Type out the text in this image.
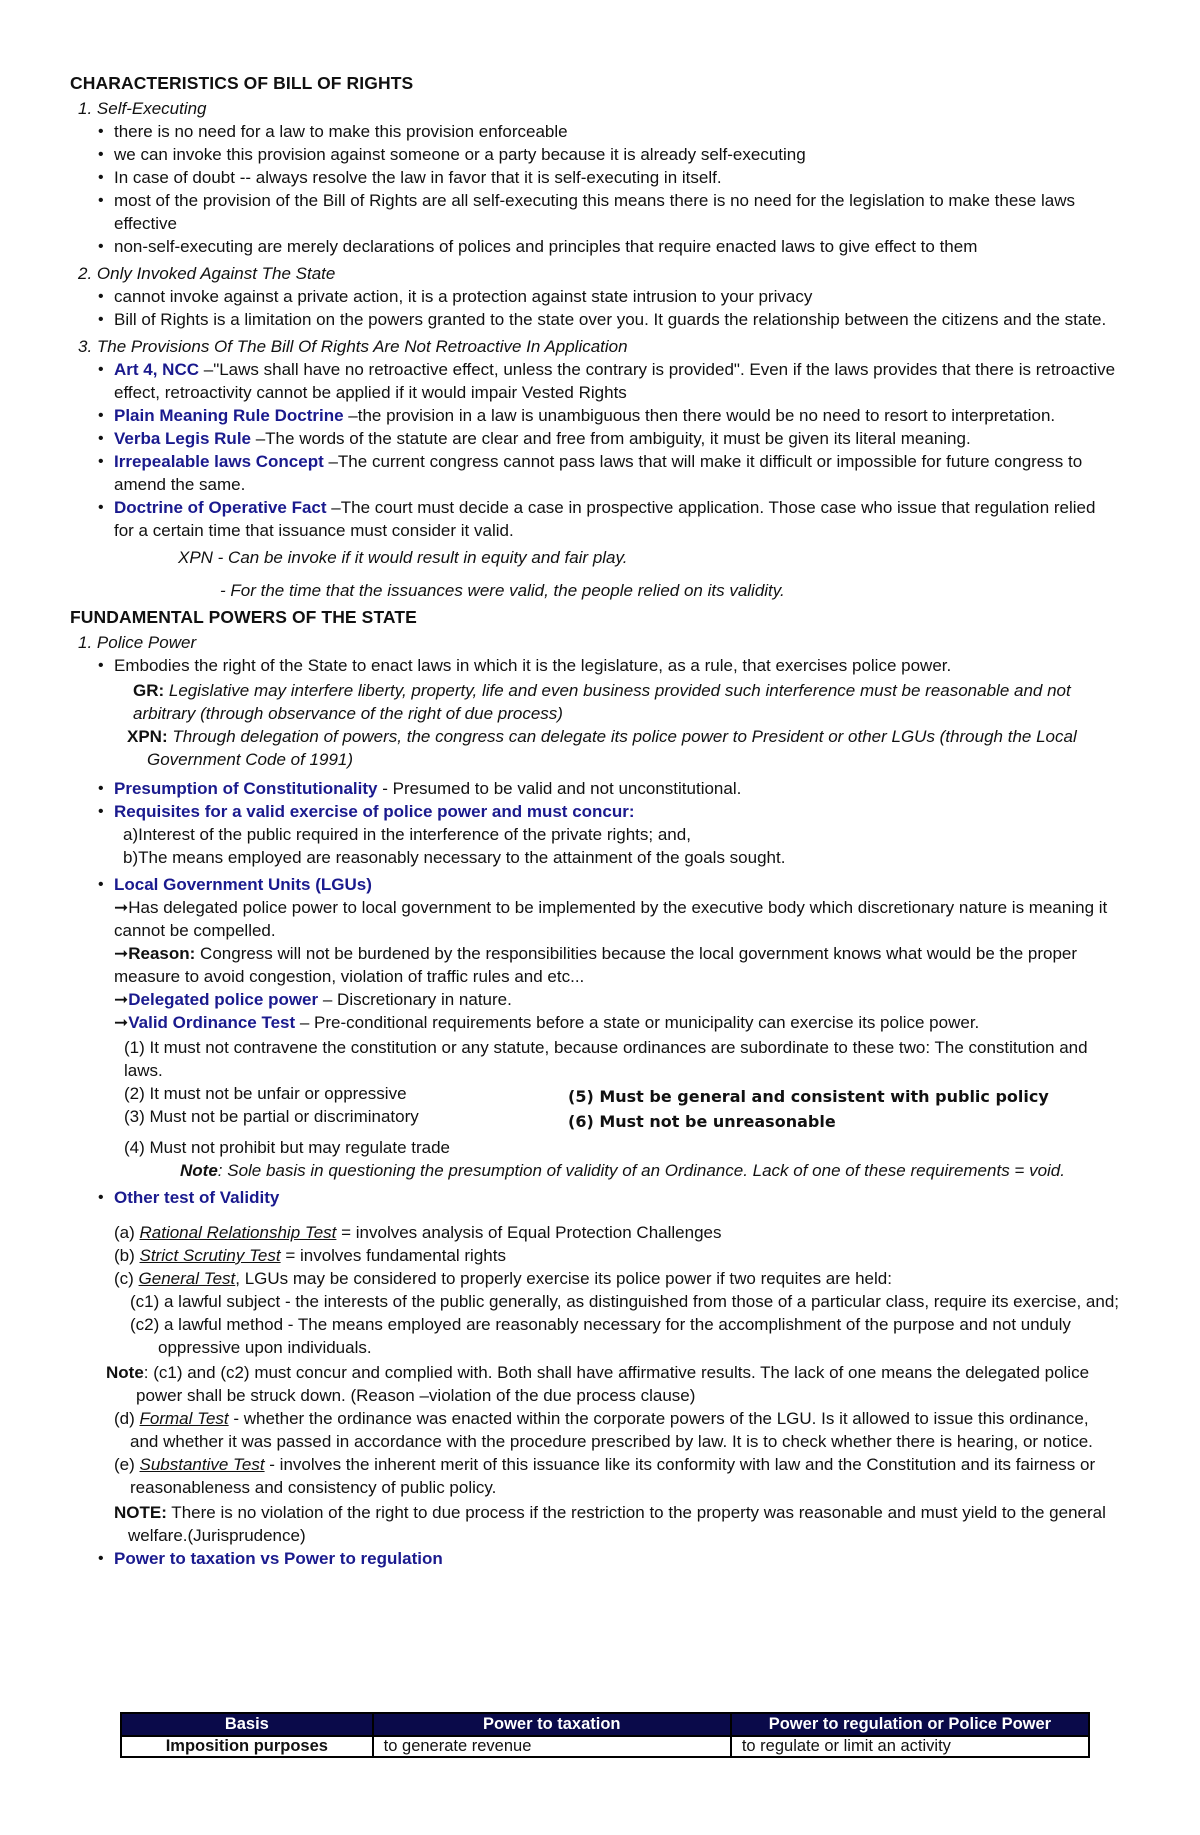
CHARACTERISTICS OF BILL OF RIGHTS
1. Self-Executing
• there is no need for a law to make this provision enforceable
• we can invoke this provision against someone or a party because it is already self-executing
• In case of doubt -- always resolve the law in favor that it is self-executing in itself.
• most of the provision of the Bill of Rights are all self-executing this means there is no need for the legislation to make these laws effective
• non-self-executing are merely declarations of polices and principles that require enacted laws to give effect to them
2. Only Invoked Against The State
• cannot invoke against a private action, it is a protection against state intrusion to your privacy
• Bill of Rights is a limitation on the powers granted to the state over you. It guards the relationship between the citizens and the state.
3. The Provisions Of The Bill Of Rights Are Not Retroactive In Application
• Art 4, NCC –"Laws shall have no retroactive effect, unless the contrary is provided". Even if the laws provides that there is retroactive effect, retroactivity cannot be applied if it would impair Vested Rights
• Plain Meaning Rule Doctrine –the provision in a law is unambiguous then there would be no need to resort to interpretation.
• Verba Legis Rule –The words of the statute are clear and free from ambiguity, it must be given its literal meaning.
• Irrepealable laws Concept –The current congress cannot pass laws that will make it difficult or impossible for future congress to amend the same.
• Doctrine of Operative Fact –The court must decide a case in prospective application. Those case who issue that regulation relied for a certain time that issuance must consider it valid.
XPN - Can be invoke if it would result in equity and fair play.
- For the time that the issuances were valid, the people relied on its validity.
FUNDAMENTAL POWERS OF THE STATE
1. Police Power
• Embodies the right of the State to enact laws in which it is the legislature, as a rule, that exercises police power.
GR: Legislative may interfere liberty, property, life and even business provided such interference must be reasonable and not arbitrary (through observance of the right of due process)
XPN: Through delegation of powers, the congress can delegate its police power to President or other LGUs (through the Local Government Code of 1991)
• Presumption of Constitutionality - Presumed to be valid and not unconstitutional.
• Requisites for a valid exercise of police power and must concur:
a)Interest of the public required in the interference of the private rights; and,
b)The means employed are reasonably necessary to the attainment of the goals sought.
• Local Government Units (LGUs)
➞Has delegated police power to local government to be implemented by the executive body which discretionary nature is meaning it cannot be compelled.
➞Reason: Congress will not be burdened by the responsibilities because the local government knows what would be the proper measure to avoid congestion, violation of traffic rules and etc...
➞Delegated police power – Discretionary in nature.
➞Valid Ordinance Test – Pre-conditional requirements before a state or municipality can exercise its police power.
(1) It must not contravene the constitution or any statute, because ordinances are subordinate to these two: The constitution and laws.
(2) It must not be unfair or oppressive
(3) Must not be partial or discriminatory
(5) Must be general and consistent with public policy
(6) Must not be unreasonable
(4) Must not prohibit but may regulate trade
Note: Sole basis in questioning the presumption of validity of an Ordinance. Lack of one of these requirements = void.
• Other test of Validity
(a) Rational Relationship Test = involves analysis of Equal Protection Challenges
(b) Strict Scrutiny Test = involves fundamental rights
(c) General Test, LGUs may be considered to properly exercise its police power if two requites are held:
(c1) a lawful subject - the interests of the public generally, as distinguished from those of a particular class, require its exercise, and;
(c2) a lawful method - The means employed are reasonably necessary for the accomplishment of the purpose and not unduly oppressive upon individuals.
Note: (c1) and (c2) must concur and complied with. Both shall have affirmative results. The lack of one means the delegated police power shall be struck down. (Reason –violation of the due process clause)
(d) Formal Test - whether the ordinance was enacted within the corporate powers of the LGU. Is it allowed to issue this ordinance, and whether it was passed in accordance with the procedure prescribed by law. It is to check whether there is hearing, or notice.
(e) Substantive Test - involves the inherent merit of this issuance like its conformity with law and the Constitution and its fairness or reasonableness and consistency of public policy.
NOTE: There is no violation of the right to due process if the restriction to the property was reasonable and must yield to the general welfare.(Jurisprudence)
• Power to taxation vs Power to regulation
Basis	Power to taxation	Power to regulation or Police Power
Imposition purposes	to generate revenue	to regulate or limit an activity
